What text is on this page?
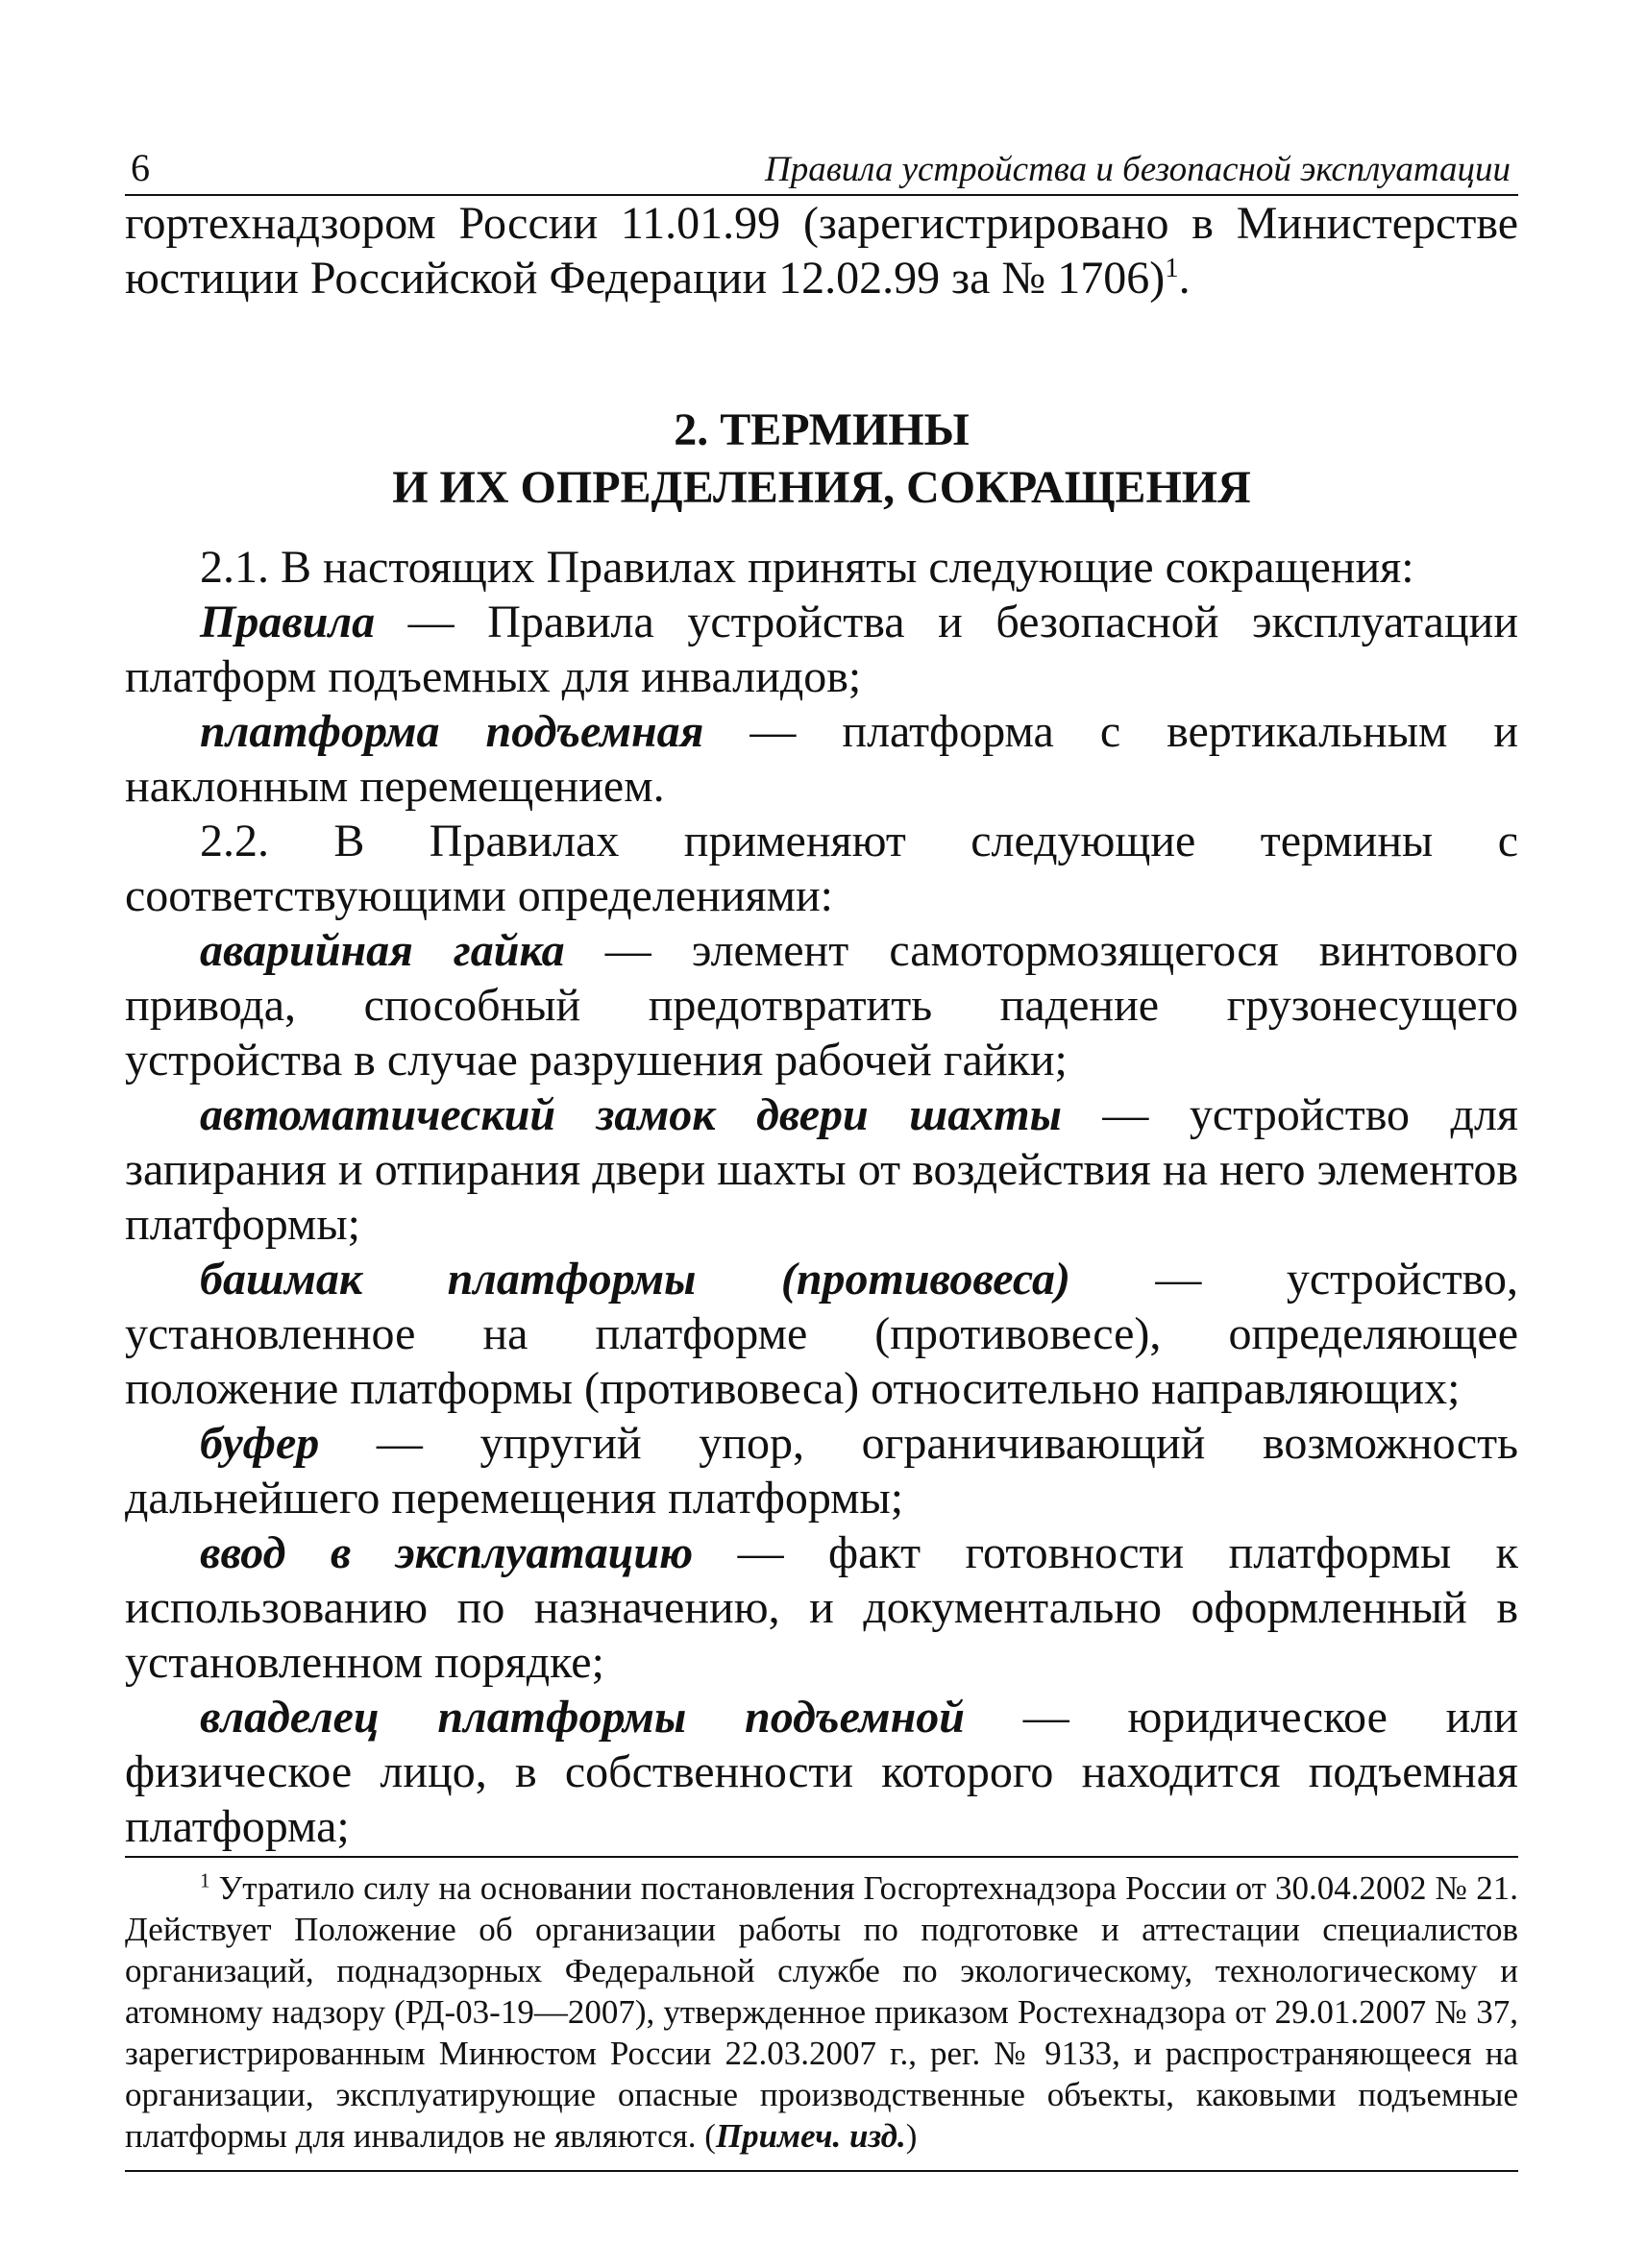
6	Правила устройства и безопасной эксплуатации

гортехнадзором России 11.01.99 (зарегистрировано в Министерстве юстиции Российской Федерации 12.02.99 за № 1706)$^1$.

2. ТЕРМИНЫ
И ИХ ОПРЕДЕЛЕНИЯ, СОКРАЩЕНИЯ

2.1. В настоящих Правилах приняты следующие сокращения:

Правила — Правила устройства и безопасной эксплуатации платформ подъемных для инвалидов;

платформа подъемная — платформа с вертикальным и наклонным перемещением.

2.2. В Правилах применяют следующие термины с соответствующими определениями:

аварийная гайка — элемент самотормозящегося винтового привода, способный предотвратить падение грузонесущего устройства в случае разрушения рабочей гайки;

автоматический замок двери шахты — устройство для запирания и отпирания двери шахты от воздействия на него элементов платформы;

башмак платформы (противовеса) — устройство, установленное на платформе (противовесе), определяющее положение платформы (противовеса) относительно направляющих;

буфер — упругий упор, ограничивающий возможность дальнейшего перемещения платформы;

ввод в эксплуатацию — факт готовности платформы к использованию по назначению, и документально оформленный в установленном порядке;

владелец платформы подъемной — юридическое или физическое лицо, в собственности которого находится подъемная платформа;

$^1$ Утратило силу на основании постановления Госгортехнадзора России от 30.04.2002 № 21. Действует Положение об организации работы по подготовке и аттестации специалистов организаций, поднадзорных Федеральной службе по экологическому, технологическому и атомному надзору (РД-03-19—2007), утвержденное приказом Ростехнадзора от 29.01.2007 № 37, зарегистрированным Минюстом России 22.03.2007 г., рег. № 9133, и распространяющееся на организации, эксплуатирующие опасные производственные объекты, каковыми подъемные платформы для инвалидов не являются. (Примеч. изд.)
